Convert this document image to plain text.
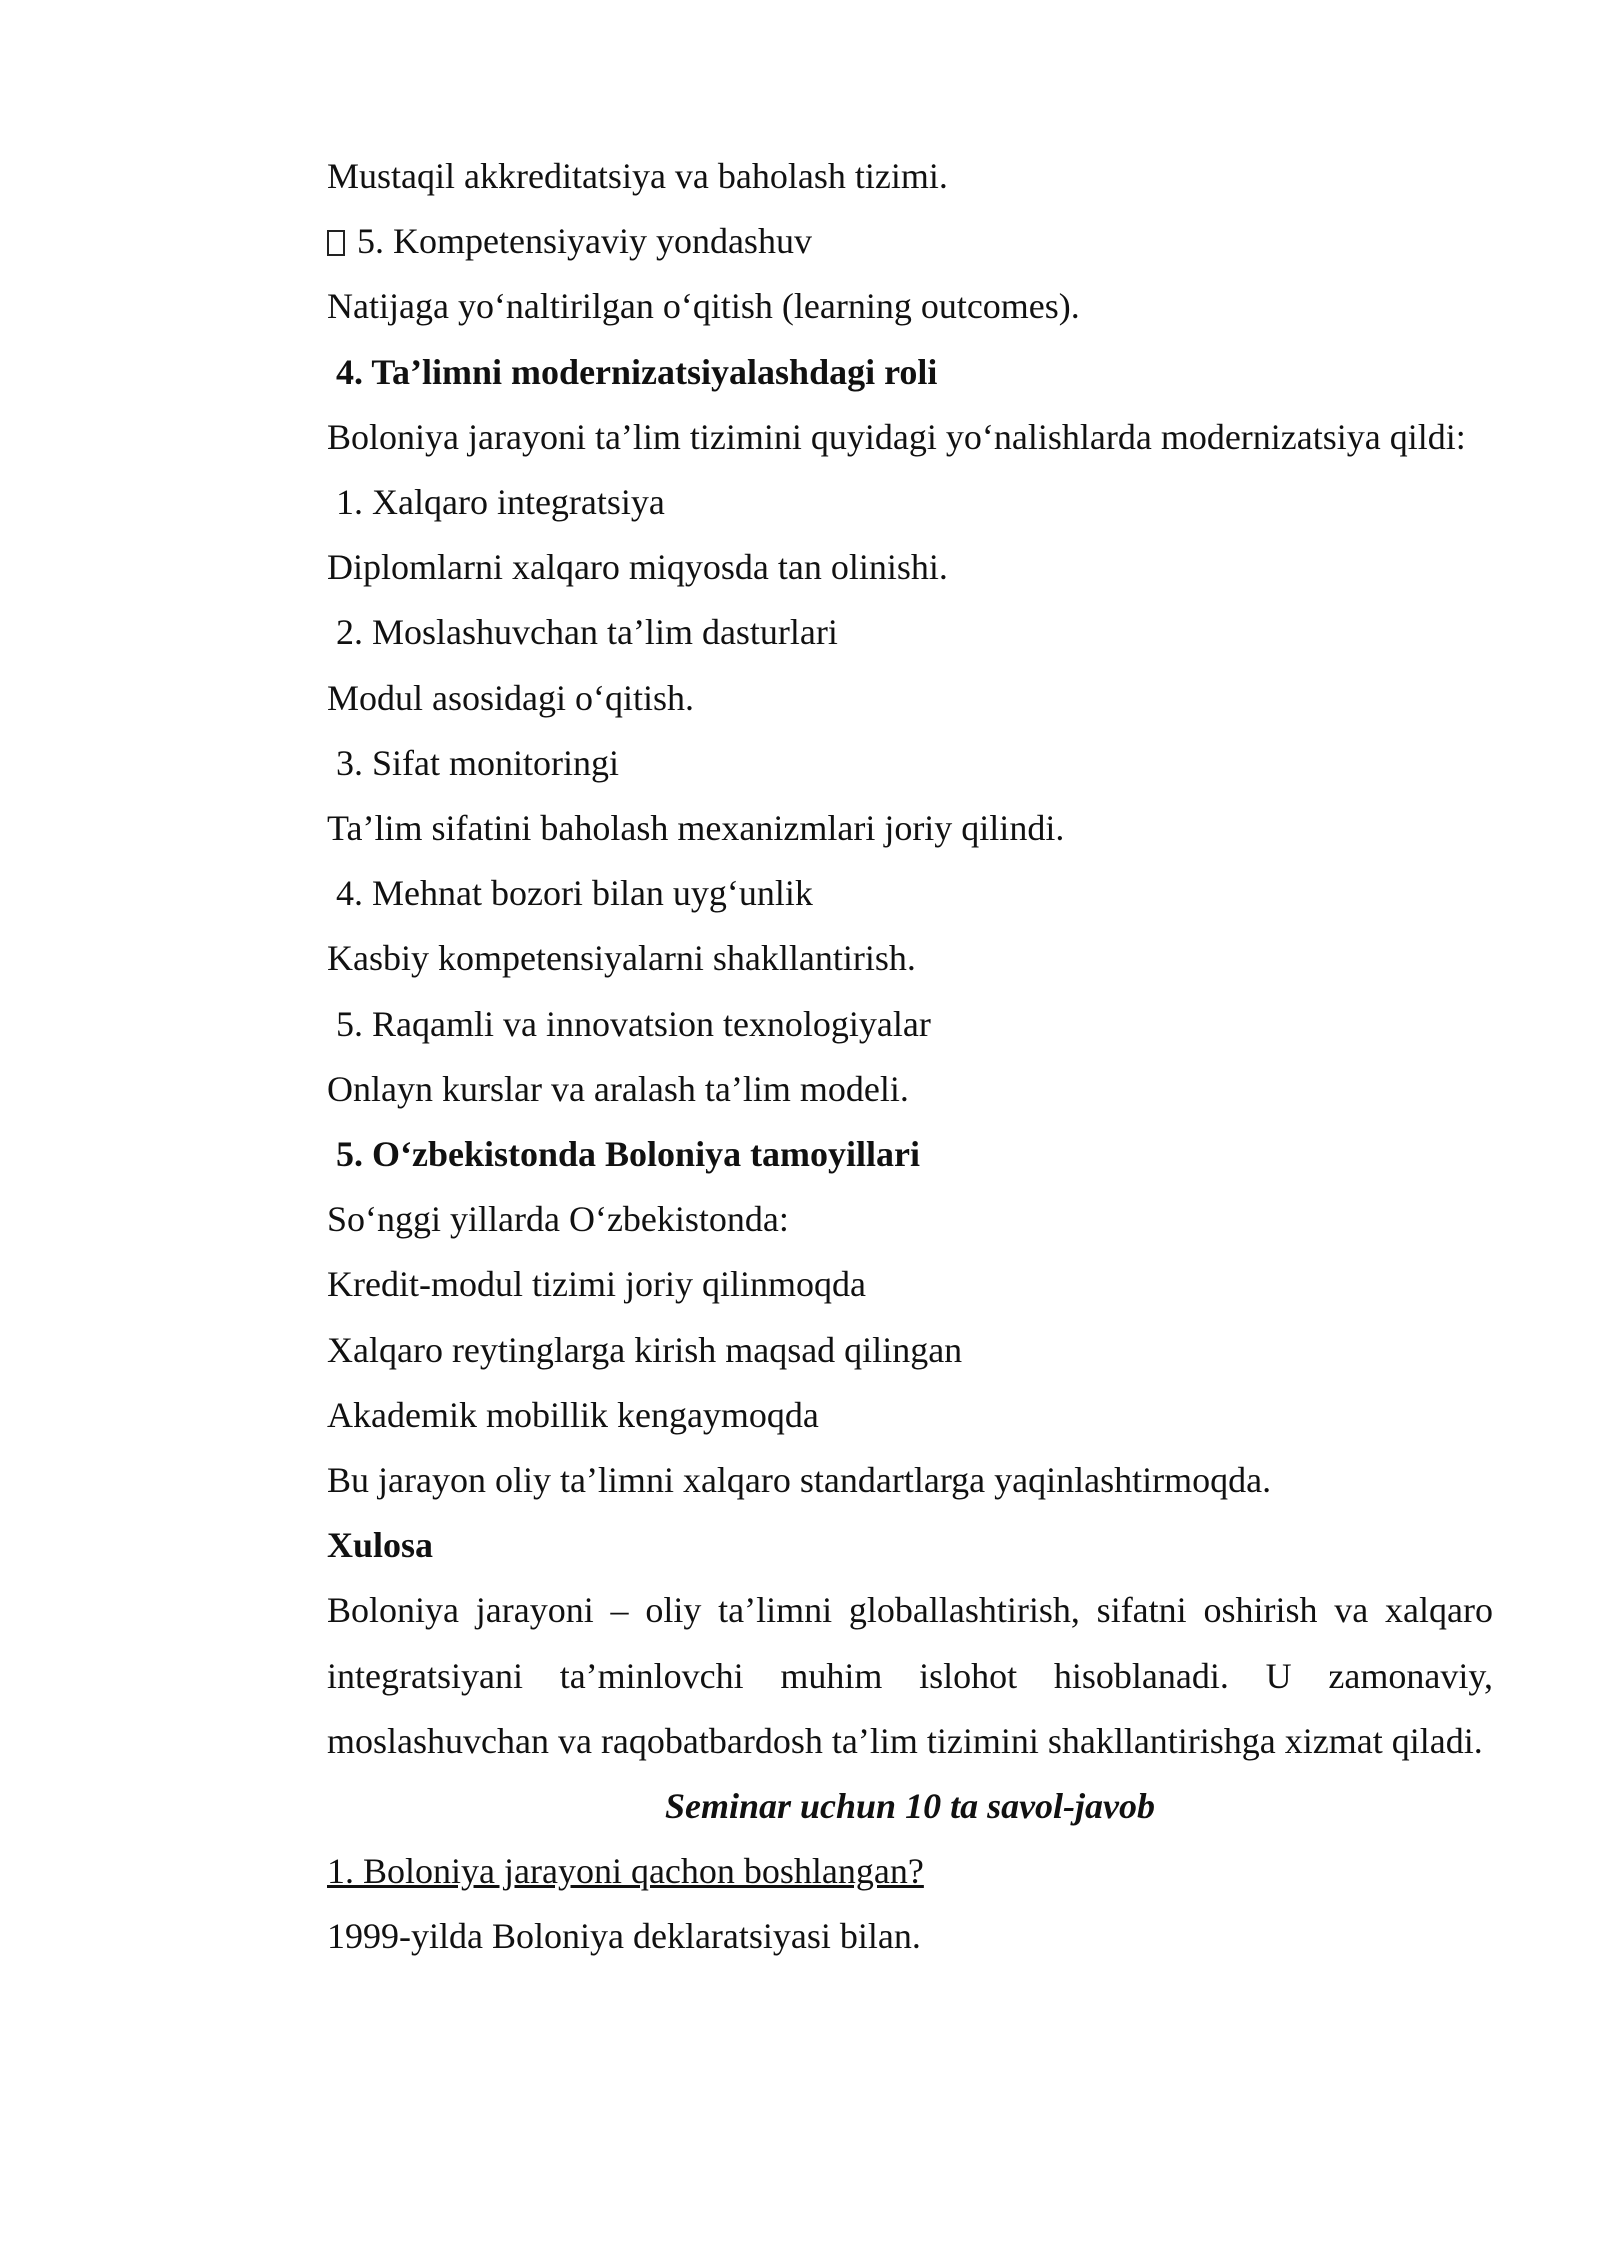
Mustaqil akkreditatsiya va baholash tizimi.

5. Kompetensiyaviy yondashuv

Natijaga yo‘naltirilgan o‘qitish (learning outcomes).

4. Ta’limni modernizatsiyalashdagi roli

Boloniya jarayoni ta’lim tizimini quyidagi yo‘nalishlarda modernizatsiya qildi:

1. Xalqaro integratsiya

Diplomlarni xalqaro miqyosda tan olinishi.

2. Moslashuvchan ta’lim dasturlari

Modul asosidagi o‘qitish.

3. Sifat monitoringi

Ta’lim sifatini baholash mexanizmlari joriy qilindi.

4. Mehnat bozori bilan uyg‘unlik

Kasbiy kompetensiyalarni shakllantirish.

5. Raqamli va innovatsion texnologiyalar

Onlayn kurslar va aralash ta’lim modeli.

5. O‘zbekistonda Boloniya tamoyillari

So‘nggi yillarda O‘zbekistonda:

Kredit-modul tizimi joriy qilinmoqda

Xalqaro reytinglarga kirish maqsad qilingan

Akademik mobillik kengaymoqda

Bu jarayon oliy ta’limni xalqaro standartlarga yaqinlashtirmoqda.

Xulosa

Boloniya jarayoni – oliy ta’limni globallashtirish, sifatni oshirish va xalqaro integratsiyani ta’minlovchi muhim islohot hisoblanadi. U zamonaviy, moslashuvchan va raqobatbardosh ta’lim tizimini shakllantirishga xizmat qiladi.

Seminar uchun 10 ta savol-javob

1. Boloniya jarayoni qachon boshlangan?

1999-yilda Boloniya deklaratsiyasi bilan.
